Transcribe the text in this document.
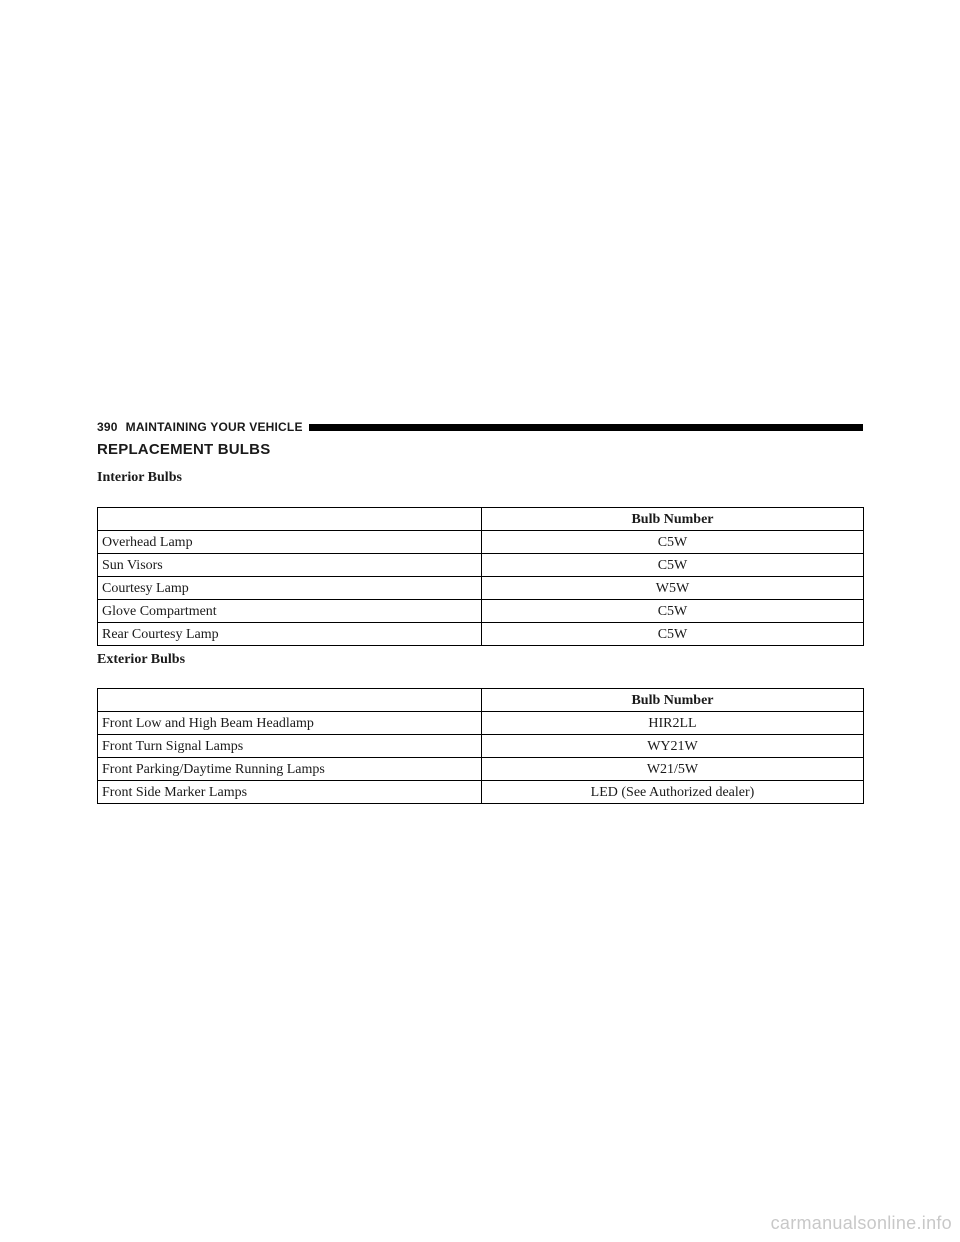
390 MAINTAINING YOUR VEHICLE
REPLACEMENT BULBS
Interior Bulbs
	Bulb Number
Overhead Lamp	C5W
Sun Visors	C5W
Courtesy Lamp	W5W
Glove Compartment	C5W
Rear Courtesy Lamp	C5W
Exterior Bulbs
	Bulb Number
Front Low and High Beam Headlamp	HIR2LL
Front Turn Signal Lamps	WY21W
Front Parking/Daytime Running Lamps	W21/5W
Front Side Marker Lamps	LED (See Authorized dealer)
carmanualsonline.info
